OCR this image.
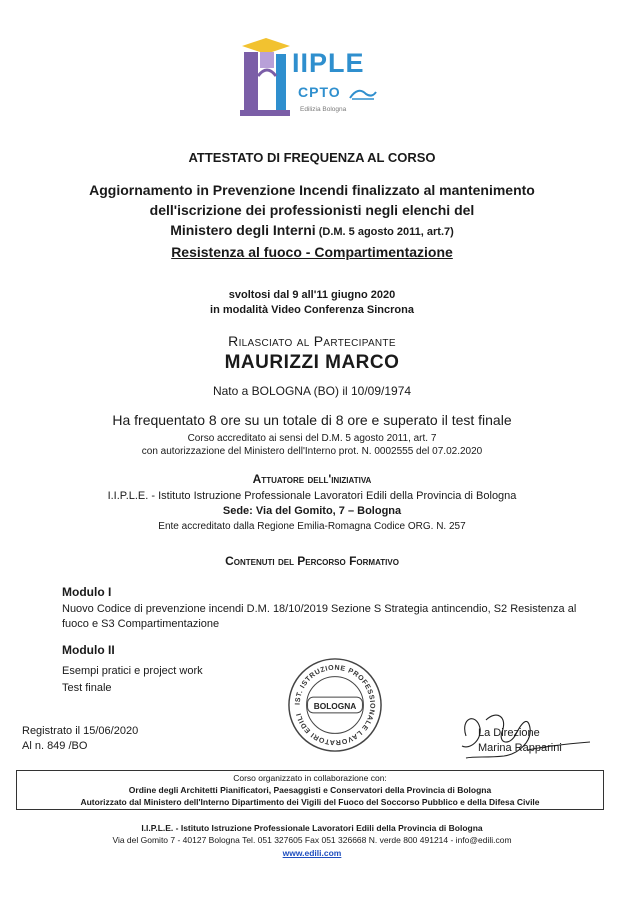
IIPLE
CPTO
Edilizia Bologna
ATTESTATO DI FREQUENZA AL CORSO
Aggiornamento in Prevenzione Incendi finalizzato al mantenimento
dell'iscrizione dei professionisti negli elenchi del
Ministero degli Interni (D.M. 5 agosto 2011, art.7)
Resistenza al fuoco - Compartimentazione
svoltosi dal 9 all'11 giugno 2020
in modalità Video Conferenza Sincrona
Rilasciato al Partecipante
MAURIZZI MARCO
Nato a BOLOGNA (BO) il 10/09/1974
Ha frequentato 8 ore su un totale di 8 ore e superato il test finale
Corso accreditato ai sensi del D.M. 5 agosto 2011, art. 7
con autorizzazione del Ministero dell'Interno prot. N. 0002555 del 07.02.2020
Attuatore dell'iniziativa
I.I.P.L.E. - Istituto Istruzione Professionale Lavoratori Edili della Provincia di Bologna
Sede: Via del Gomito, 7 – Bologna
Ente accreditato dalla Regione Emilia-Romagna Codice ORG. N. 257
Contenuti del Percorso Formativo
Modulo I
Nuovo Codice di prevenzione incendi D.M. 18/10/2019 Sezione S Strategia antincendio, S2 Resistenza al fuoco e S3 Compartimentazione
Modulo II
Esempi pratici e project work
Test finale
IST. ISTRUZIONE PROFESSIONALE LAVORATORI EDILI
BOLOGNA
Registrato il 15/06/2020
Al n. 849 /BO
La Direzione
Marina Rapparini
Corso organizzato in collaborazione con:
Ordine degli Architetti Pianificatori, Paesaggisti e Conservatori della Provincia di Bologna
Autorizzato dal Ministero dell'Interno Dipartimento dei Vigili del Fuoco del Soccorso Pubblico e della Difesa Civile
I.I.P.L.E. - Istituto Istruzione Professionale Lavoratori Edili della Provincia di Bologna
Via del Gomito 7 - 40127 Bologna Tel. 051 327605 Fax 051 326668 N. verde 800 491214 - info@edili.com
www.edili.com
